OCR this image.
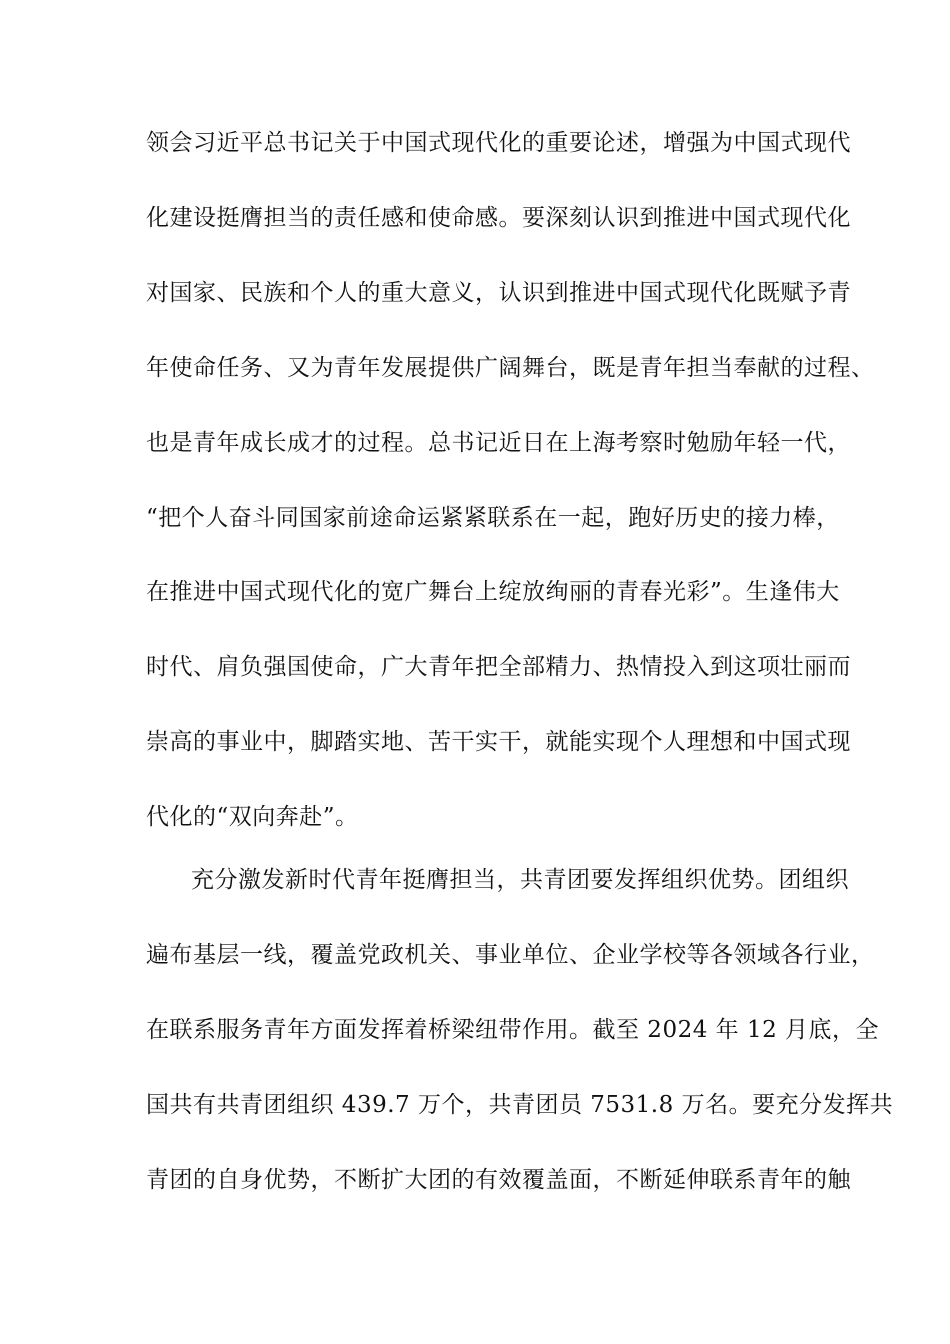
领会习近平总书记关于中国式现代化的重要论述，增强为中国式现代
化建设挺膺担当的责任感和使命感。要深刻认识到推进中国式现代化
对国家、民族和个人的重大意义，认识到推进中国式现代化既赋予青
年使命任务、又为青年发展提供广阔舞台，既是青年担当奉献的过程、
也是青年成长成才的过程。总书记近日在上海考察时勉励年轻一代，
“把个人奋斗同国家前途命运紧紧联系在一起，跑好历史的接力棒，
在推进中国式现代化的宽广舞台上绽放绚丽的青春光彩”。生逢伟大
时代、肩负强国使命，广大青年把全部精力、热情投入到这项壮丽而
崇高的事业中，脚踏实地、苦干实干，就能实现个人理想和中国式现
代化的“双向奔赴”。
充分激发新时代青年挺膺担当，共青团要发挥组织优势。团组织
遍布基层一线，覆盖党政机关、事业单位、企业学校等各领域各行业，
在联系服务青年方面发挥着桥梁纽带作用。截至 2024 年 12 月底，全
国共有共青团组织 439.7 万个，共青团员 7531.8 万名。要充分发挥共
青团的自身优势，不断扩大团的有效覆盖面，不断延伸联系青年的触
